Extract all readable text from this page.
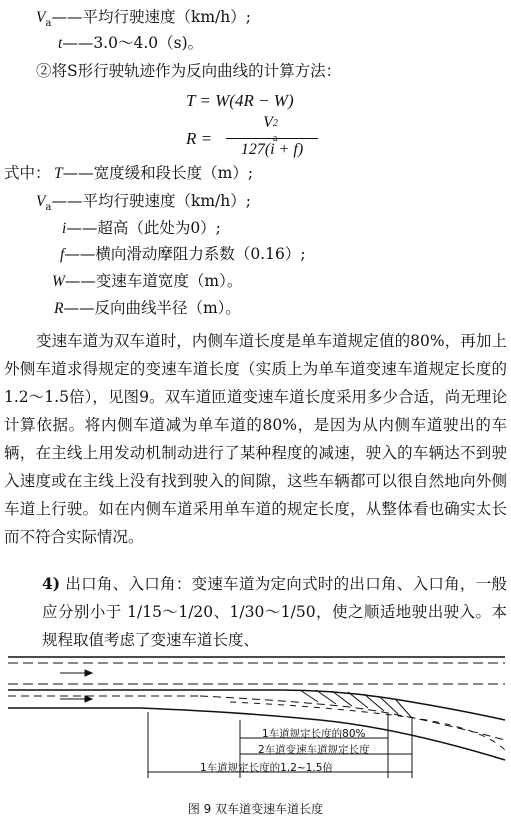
$V_a——$平均行驶速度（km/h）;
t——3.0～4.0（s)。
②将S形行驶轨迹作为反向曲线的计算方法：
T = W(4R − W)
R =
V 2
127(i + f)
式中： T——宽度缓和段长度（m）;
$V_a——$平均行驶速度（km/h）;
i——超高（此处为0）;
f——横向滑动摩阻力系数（0.16）;
W——变速车道宽度（m）。
R——反向曲线半径（m）。
变速车道为双车道时，内侧车道长度是单车道规定值的80%，再加上外侧车道求得规定的变速车道长度（实质上为单车道变速车道规定长度的1.2～1.5倍），见图9。双车道匝道变速车道长度采用多少合适，尚无理论计算依据。将内侧车道减为单车道的80%，是因为从内侧车道驶出的车辆，在主线上用发动机制动进行了某种程度的减速，驶入的车辆达不到驶入速度或在主线上没有找到驶入的间隙，这些车辆都可以很自然地向外侧车道上行驶。如在内侧车道采用单车道的规定长度，从整体看也确实太长而不符合实际情况。
4) 出口角、入口角：变速车道为定向式时的出口角、入口角，一般应分别小于 1/15～1/20、1/30～1/50，使之顺适地驶出驶入。本规程取值考虑了变速车道长度、
1车道规定长度的80%
2车道变速车道规定长度
1车道规定长度的1.2~1.5倍
图 9 双车道变速车道长度
